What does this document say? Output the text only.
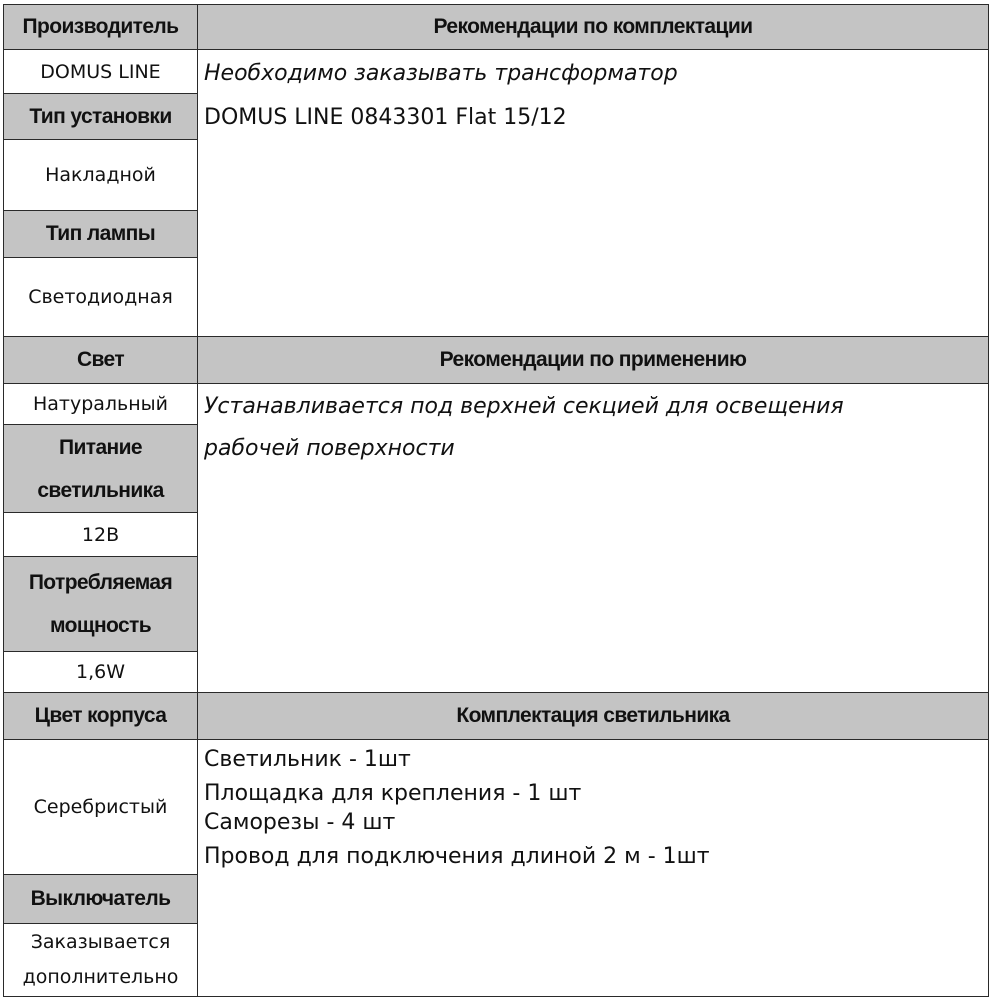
Производитель
DOMUS LINE
Тип установки
Накладной
Тип лампы
Светодиодная
Свет
Натуральный
Питание
светильника
12В
Потребляемая
мощность
1,6W
Цвет корпуса
Серебристый
Выключатель
Заказывается
дополнительно
Рекомендации по комплектации
Необходимо заказывать трансформатор
DOMUS LINE 0843301 Flat 15/12
Рекомендации по применению
Устанавливается под верхней секцией для освещения
рабочей поверхности
Комплектация светильника
Светильник - 1шт
Площадка для крепления - 1 шт
Саморезы - 4 шт
Провод для подключения длиной 2 м - 1шт
